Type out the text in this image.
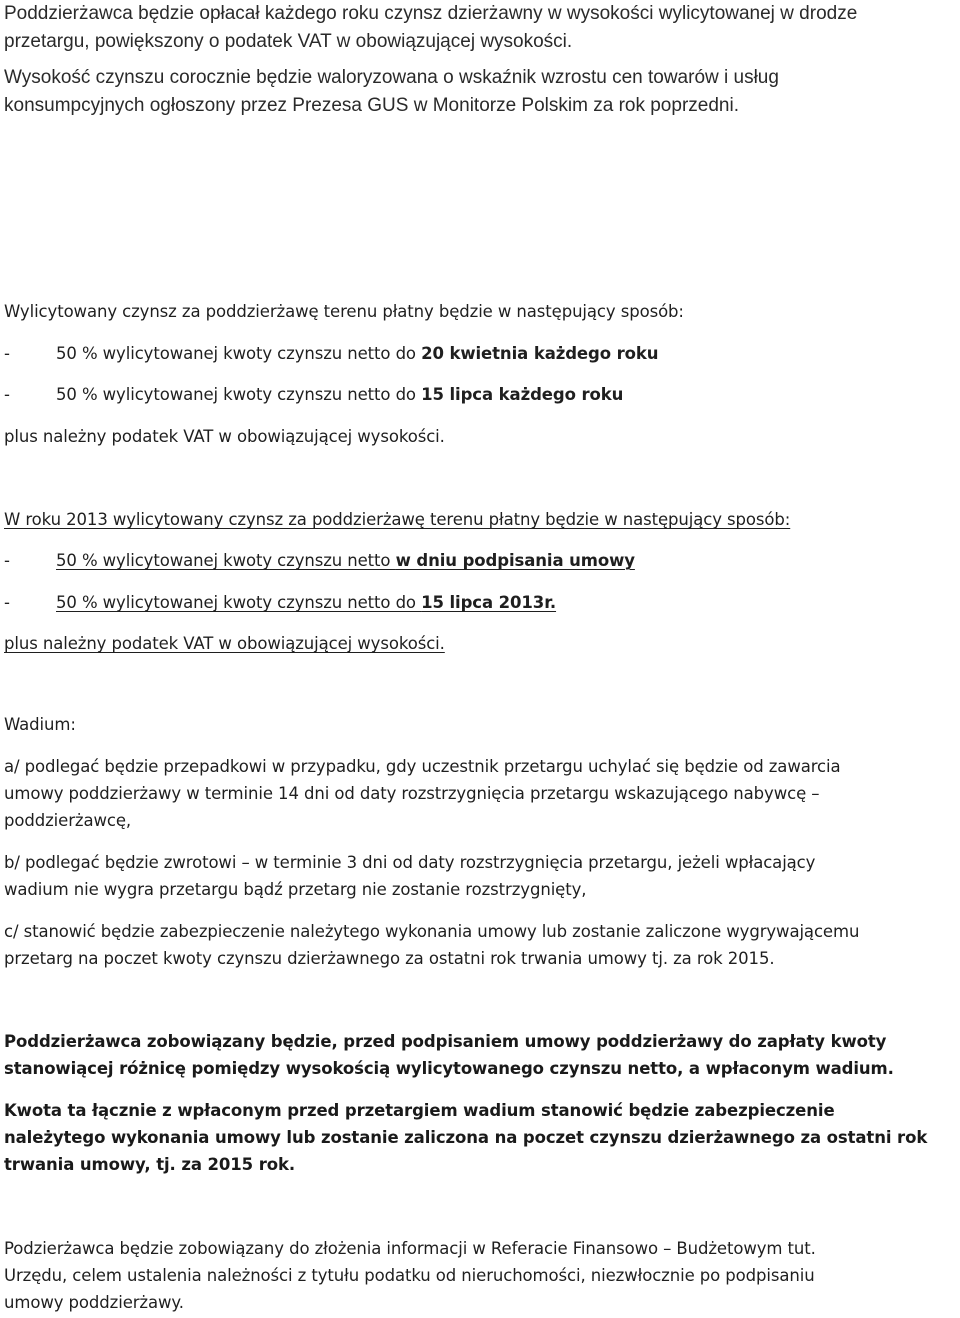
Poddzierżawca będzie opłacał każdego roku czynsz dzierżawny w wysokości wylicytowanej w drodze
przetargu, powiększony o podatek VAT w obowiązującej wysokości.
Wysokość czynszu corocznie będzie waloryzowana o wskaźnik wzrostu cen towarów i usług
konsumpcyjnych ogłoszony przez Prezesa GUS w Monitorze Polskim za rok poprzedni.
Wylicytowany czynsz za poddzierżawę terenu płatny będzie w następujący sposób:
-	50 % wylicytowanej kwoty czynszu netto do 20 kwietnia każdego roku
-	50 % wylicytowanej kwoty czynszu netto do 15 lipca każdego roku
plus należny podatek VAT w obowiązującej wysokości.
W roku 2013 wylicytowany czynsz za poddzierżawę terenu płatny będzie w następujący sposób:
-	50 % wylicytowanej kwoty czynszu netto w dniu podpisania umowy
-	50 % wylicytowanej kwoty czynszu netto do 15 lipca 2013r.
plus należny podatek VAT w obowiązującej wysokości.
Wadium:
a/ podlegać będzie przepadkowi w przypadku, gdy uczestnik przetargu uchylać się będzie od zawarcia
umowy poddzierżawy w terminie 14 dni od daty rozstrzygnięcia przetargu wskazującego nabywcę –
poddzierżawcę,
b/ podlegać będzie zwrotowi – w terminie 3 dni od daty rozstrzygnięcia przetargu, jeżeli wpłacający
wadium nie wygra przetargu bądź przetarg nie zostanie rozstrzygnięty,
c/ stanowić będzie zabezpieczenie należytego wykonania umowy lub zostanie zaliczone wygrywającemu
przetarg na poczet kwoty czynszu dzierżawnego za ostatni rok trwania umowy tj. za rok 2015.
Poddzierżawca zobowiązany będzie, przed podpisaniem umowy poddzierżawy do zapłaty kwoty
stanowiącej różnicę pomiędzy wysokością wylicytowanego czynszu netto, a wpłaconym wadium.
Kwota ta łącznie z wpłaconym przed przetargiem wadium stanowić będzie zabezpieczenie
należytego wykonania umowy lub zostanie zaliczona na poczet czynszu dzierżawnego za ostatni rok
trwania umowy, tj. za 2015 rok.
Podzierżawca będzie zobowiązany do złożenia informacji w Referacie Finansowo – Budżetowym tut.
Urzędu, celem ustalenia należności z tytułu podatku od nieruchomości, niezwłocznie po podpisaniu
umowy poddzierżawy.
